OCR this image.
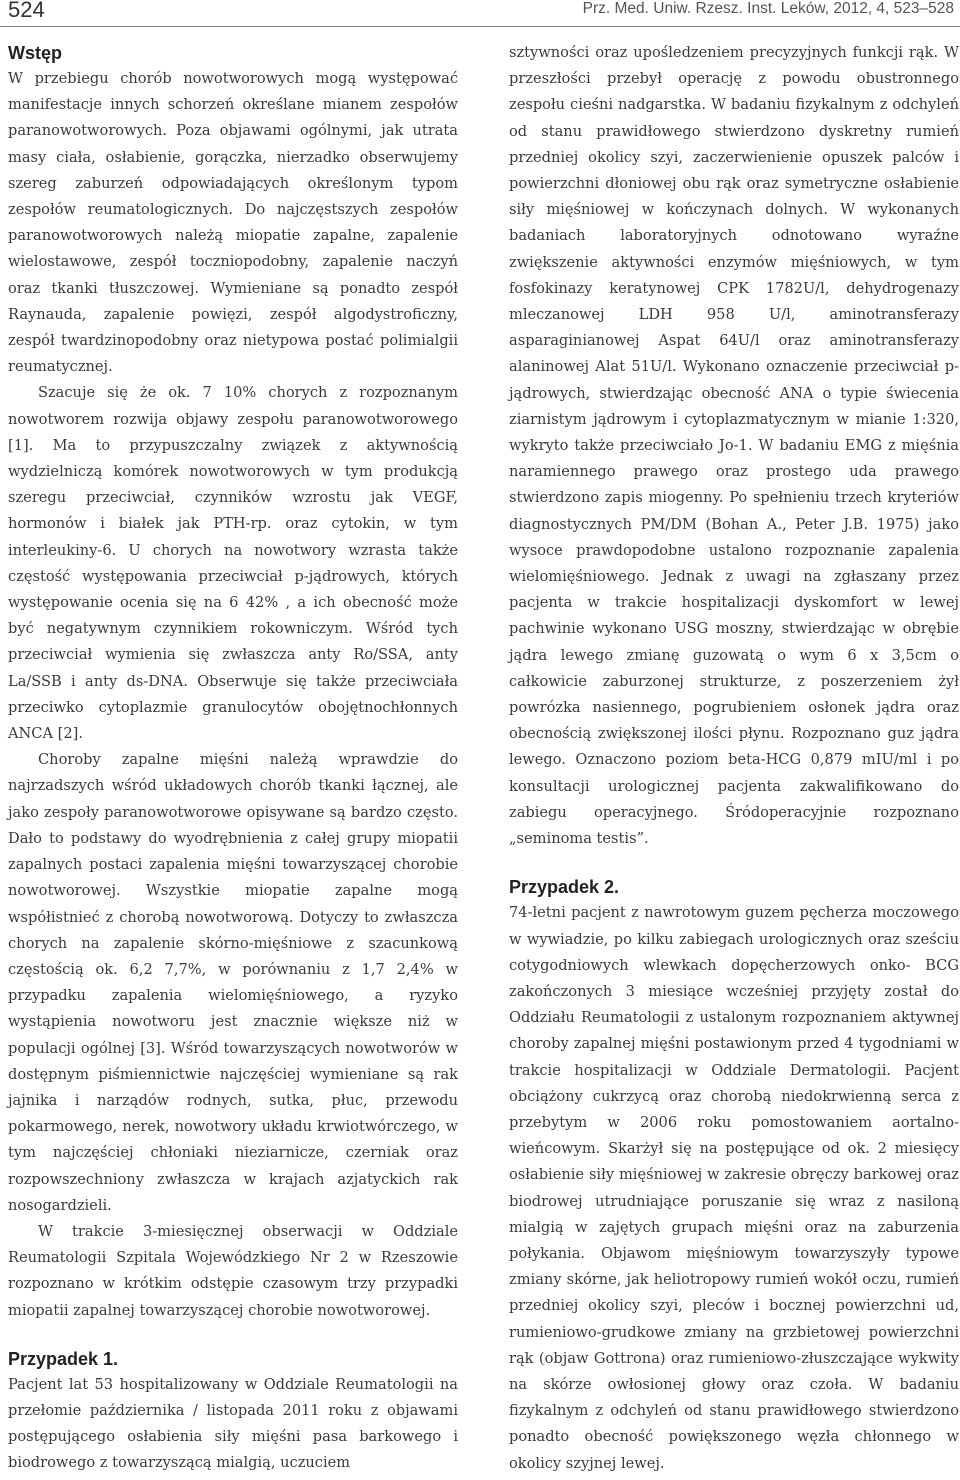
524	Prz. Med. Uniw. Rzesz. Inst. Leków, 2012, 4, 523–528
Wstęp

W przebiegu chorób nowotworowych mogą występować manifestacje innych schorzeń określane mianem zespołów paranowotworowych. Poza objawami ogólnymi, jak utrata masy ciała, osłabienie, gorączka, nierzadko obserwujemy szereg zaburzeń odpowiadających określonym typom zespołów reumatologicznych. Do najczęstszych zespołów paranowotworowych należą miopatie zapalne, zapalenie wielostawowe, zespół toczniopodobny, zapalenie naczyń oraz tkanki tłuszczowej. Wymieniane są ponadto zespół Raynauda, zapalenie powięzi, zespół algodystroficzny, zespół twardzinopodobny oraz nietypowa postać polimialgii reumatycznej.

Szacuje się że ok. 7 10% chorych z rozpoznanym nowotworem rozwija objawy zespołu paranowotworowego [1]. Ma to przypuszczalny związek z aktywnością wydzielniczą komórek nowotworowych w tym produkcją szeregu przeciwciał, czynników wzrostu jak VEGF, hormonów i białek jak PTH-rp. oraz cytokin, w tym interleukiny-6. U chorych na nowotwory wzrasta także częstość występowania przeciwciał p-jądrowych, których występowanie ocenia się na 6 42% , a ich obecność może być negatywnym czynnikiem rokowniczym. Wśród tych przeciwciał wymienia się zwłaszcza anty Ro/SSA, anty La/SSB i anty ds-DNA. Obserwuje się także przeciwciała przeciwko cytoplazmie granulocytów obojętnochłonnych ANCA [2].

Choroby zapalne mięśni należą wprawdzie do najrzadszych wśród układowych chorób tkanki łącznej, ale jako zespoły paranowotworowe opisywane są bardzo często. Dało to podstawy do wyodrębnienia z całej grupy miopatii zapalnych postaci zapalenia mięśni towarzyszącej chorobie nowotworowej. Wszystkie miopatie zapalne mogą współistnieć z chorobą nowotworową. Dotyczy to zwłaszcza chorych na zapalenie skórno-mięśniowe z szacunkową częstością ok. 6,2 7,7%, w porównaniu z 1,7 2,4% w przypadku zapalenia wielomięśniowego, a ryzyko wystąpienia nowotworu jest znacznie większe niż w populacji ogólnej [3]. Wśród towarzyszących nowotworów w dostępnym piśmiennictwie najczęściej wymieniane są rak jajnika i narządów rodnych, sutka, płuc, przewodu pokarmowego, nerek, nowotwory układu krwiotwórczego, w tym najczęściej chłoniaki nieziarnicze, czerniak oraz rozpowszechniony zwłaszcza w krajach azjatyckich rak nosogardzieli.

W trakcie 3-miesięcznej obserwacji w Oddziale Reumatologii Szpitala Wojewódzkiego Nr 2 w Rzeszowie rozpoznano w krótkim odstępie czasowym trzy przypadki miopatii zapalnej towarzyszącej chorobie nowotworowej.

Przypadek 1.

Pacjent lat 53 hospitalizowany w Oddziale Reumatologii na przełomie października / listopada 2011 roku z objawami postępującego osłabienia siły mięśni pasa barkowego i biodrowego z towarzyszącą mialgią, uczuciem

sztywności oraz upośledzeniem precyzyjnych funkcji rąk. W przeszłości przebył operację z powodu obustronnego zespołu cieśni nadgarstka. W badaniu fizykalnym z odchyleń od stanu prawidłowego stwierdzono dyskretny rumień przedniej okolicy szyi, zaczerwienienie opuszek palców i powierzchni dłoniowej obu rąk oraz symetryczne osłabienie siły mięśniowej w kończynach dolnych. W wykonanych badaniach laboratoryjnych odnotowano wyraźne zwiększenie aktywności enzymów mięśniowych, w tym fosfokinazy keratynowej CPK 1782U/l, dehydrogenazy mleczanowej LDH 958 U/l, aminotransferazy asparaginianowej Aspat 64U/l oraz aminotransferazy alaninowej Alat 51U/l. Wykonano oznaczenie przeciwciał p-jądrowych, stwierdzając obecność ANA o typie świecenia ziarnistym jądrowym i cytoplazmatycznym w mianie 1:320, wykryto także przeciwciało Jo-1. W badaniu EMG z mięśnia naramiennego prawego oraz prostego uda prawego stwierdzono zapis miogenny. Po spełnieniu trzech kryteriów diagnostycznych PM/DM (Bohan A., Peter J.B. 1975) jako wysoce prawdopodobne ustalono rozpoznanie zapalenia wielomięśniowego. Jednak z uwagi na zgłaszany przez pacjenta w trakcie hospitalizacji dyskomfort w lewej pachwinie wykonano USG moszny, stwierdzając w obrębie jądra lewego zmianę guzowatą o wym 6 x 3,5cm o całkowicie zaburzonej strukturze, z poszerzeniem żył powrózka nasiennego, pogrubieniem osłonek jądra oraz obecnością zwiększonej ilości płynu. Rozpoznano guz jądra lewego. Oznaczono poziom beta-HCG 0,879 mIU/ml i po konsultacji urologicznej pacjenta zakwalifikowano do zabiegu operacyjnego. Śródoperacyjnie rozpoznano „seminoma testis”.

Przypadek 2.

74-letni pacjent z nawrotowym guzem pęcherza moczowego w wywiadzie, po kilku zabiegach urologicznych oraz sześciu cotygodniowych wlewkach dopęcherzowych onko- BCG zakończonych 3 miesiące wcześniej przyjęty został do Oddziału Reumatologii z ustalonym rozpoznaniem aktywnej choroby zapalnej mięśni postawionym przed 4 tygodniami w trakcie hospitalizacji w Oddziale Dermatologii. Pacjent obciążony cukrzycą oraz chorobą niedokrwienną serca z przebytym w 2006 roku pomostowaniem aortalno-wieńcowym. Skarżył się na postępujące od ok. 2 miesięcy osłabienie siły mięśniowej w zakresie obręczy barkowej oraz biodrowej utrudniające poruszanie się wraz z nasiloną mialgią w zajętych grupach mięśni oraz na zaburzenia połykania. Objawom mięśniowym towarzyszyły typowe zmiany skórne, jak heliotropowy rumień wokół oczu, rumień przedniej okolicy szyi, pleców i bocznej powierzchni ud, rumieniowo-grudkowe zmiany na grzbietowej powierzchni rąk (objaw Gottrona) oraz rumieniowo-złuszczające wykwity na skórze owłosionej głowy oraz czoła. W badaniu fizykalnym z odchyleń od stanu prawidłowego stwierdzono ponadto obecność powiększonego węzła chłonnego w okolicy szyjnej lewej.
